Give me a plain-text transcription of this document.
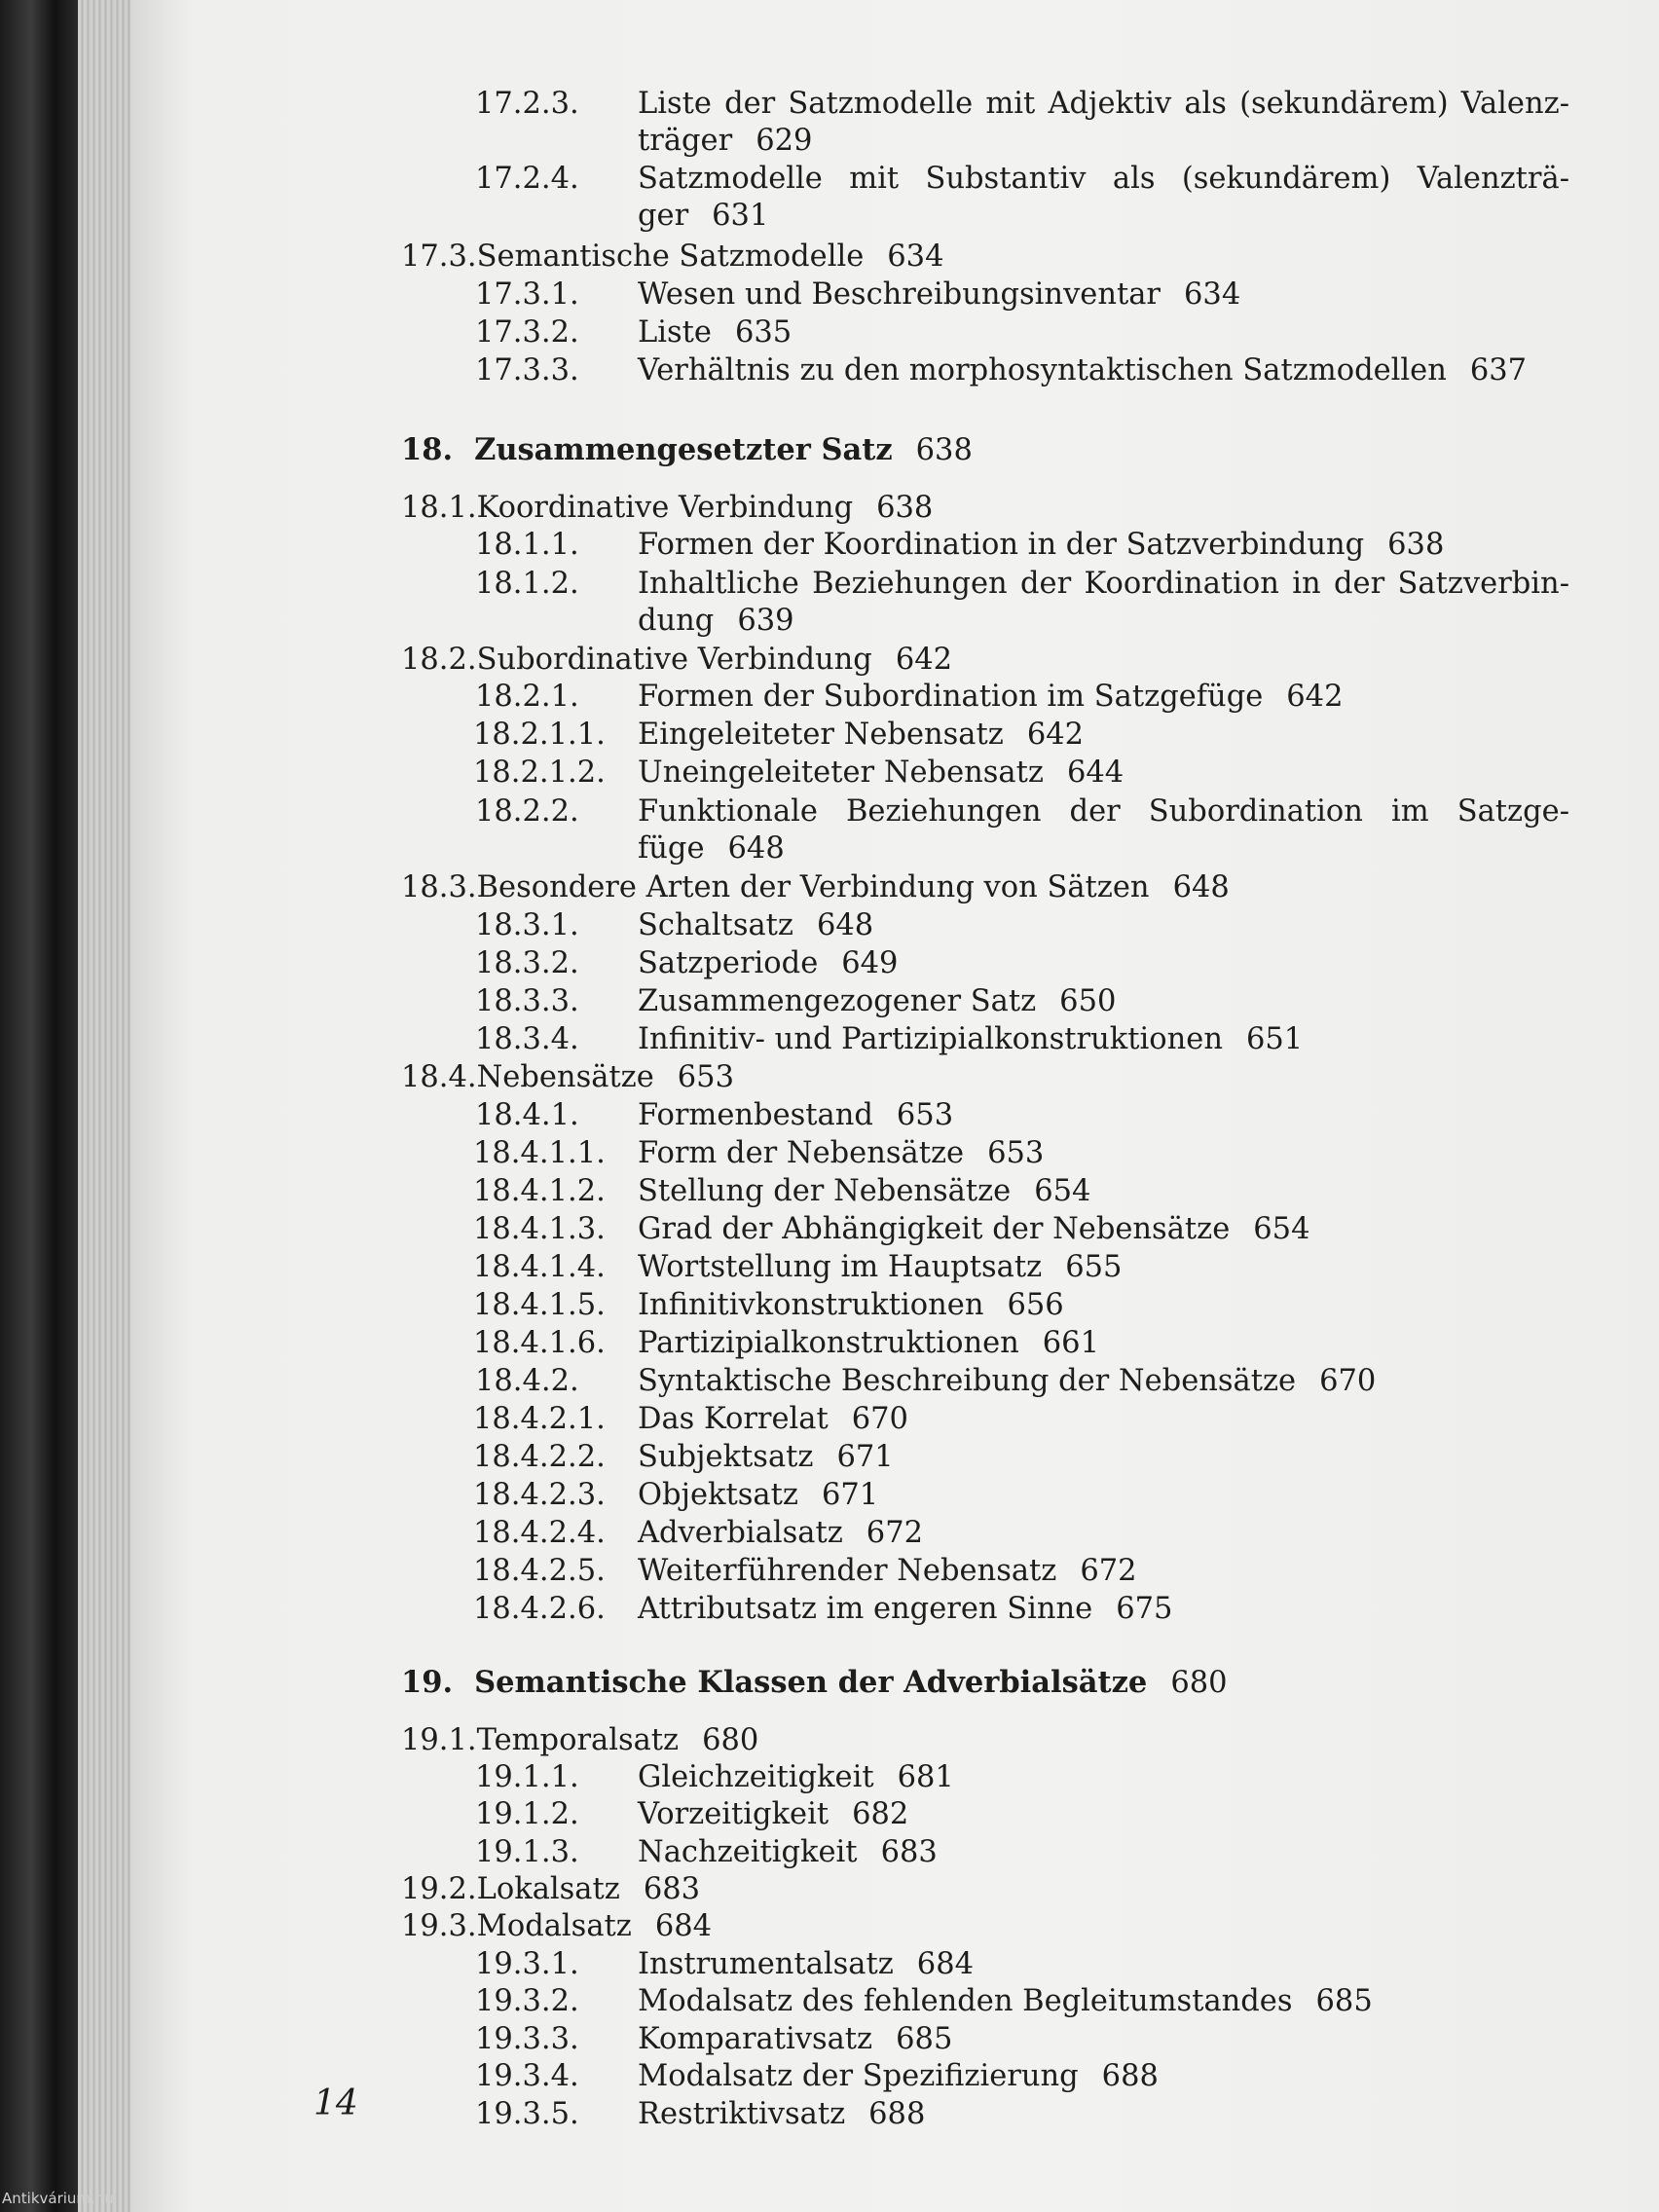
17.2.3. Liste der Satzmodelle mit Adjektiv als (sekundärem) Valenz-
träger 629
17.2.4. Satzmodelle mit Substantiv als (sekundärem) Valenzträ-
ger 631
17.3.Semantische Satzmodelle 634
17.3.1. Wesen und Beschreibungsinventar 634
17.3.2. Liste 635
17.3.3. Verhältnis zu den morphosyntaktischen Satzmodellen 637
18. Zusammengesetzter Satz 638
18.1.Koordinative Verbindung 638
18.1.1. Formen der Koordination in der Satzverbindung 638
18.1.2. Inhaltliche Beziehungen der Koordination in der Satzverbin-
dung 639
18.2.Subordinative Verbindung 642
18.2.1. Formen der Subordination im Satzgefüge 642
18.2.1.1. Eingeleiteter Nebensatz 642
18.2.1.2. Uneingeleiteter Nebensatz 644
18.2.2. Funktionale Beziehungen der Subordination im Satzge-
füge 648
18.3.Besondere Arten der Verbindung von Sätzen 648
18.3.1. Schaltsatz 648
18.3.2. Satzperiode 649
18.3.3. Zusammengezogener Satz 650
18.3.4. Infinitiv- und Partizipialkonstruktionen 651
18.4.Nebensätze 653
18.4.1. Formenbestand 653
18.4.1.1. Form der Nebensätze 653
18.4.1.2. Stellung der Nebensätze 654
18.4.1.3. Grad der Abhängigkeit der Nebensätze 654
18.4.1.4. Wortstellung im Hauptsatz 655
18.4.1.5. Infinitivkonstruktionen 656
18.4.1.6. Partizipialkonstruktionen 661
18.4.2. Syntaktische Beschreibung der Nebensätze 670
18.4.2.1. Das Korrelat 670
18.4.2.2. Subjektsatz 671
18.4.2.3. Objektsatz 671
18.4.2.4. Adverbialsatz 672
18.4.2.5. Weiterführender Nebensatz 672
18.4.2.6. Attributsatz im engeren Sinne 675
19. Semantische Klassen der Adverbialsätze 680
19.1.Temporalsatz 680
19.1.1. Gleichzeitigkeit 681
19.1.2. Vorzeitigkeit 682
19.1.3. Nachzeitigkeit 683
19.2.Lokalsatz 683
19.3.Modalsatz 684
19.3.1. Instrumentalsatz 684
19.3.2. Modalsatz des fehlenden Begleitumstandes 685
19.3.3. Komparativsatz 685
19.3.4. Modalsatz der Spezifizierung 688
19.3.5. Restriktivsatz 688
14
Antikvárium.hu
